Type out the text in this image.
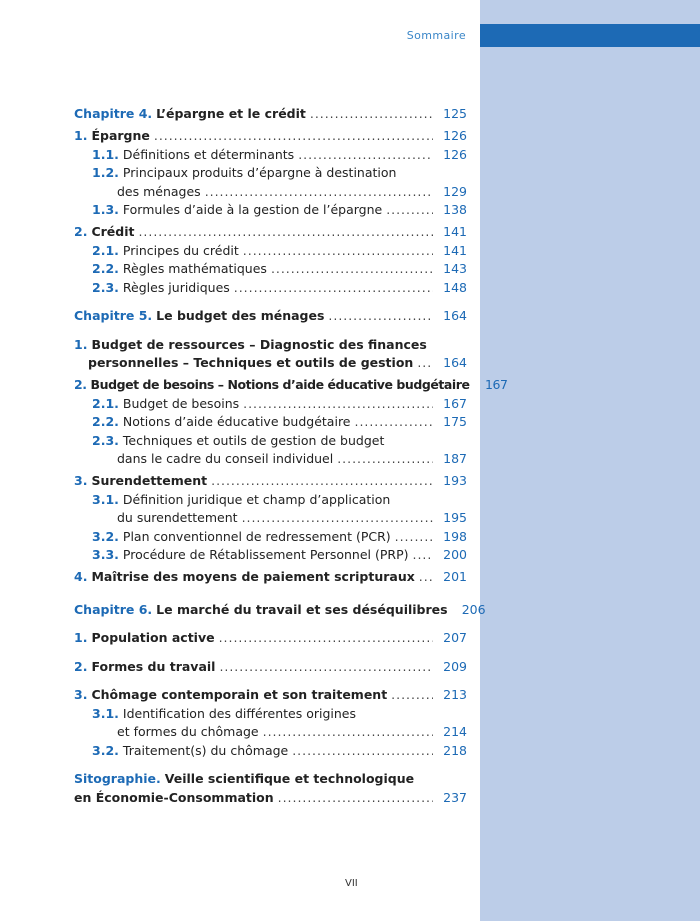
Sommaire
Chapitre 4. L’épargne et le crédit . . .	125
1. Épargne . . .	126
1.1. Définitions et déterminants . . .	126
1.2. Principaux produits d’épargne à destination
des ménages . . .	129
1.3. Formules d’aide à la gestion de l’épargne . . .	138
2. Crédit . . .	141
2.1. Principes du crédit . . .	141
2.2. Règles mathématiques . . .	143
2.3. Règles juridiques . . .	148
Chapitre 5. Le budget des ménages . . .	164
1. Budget de ressources – Diagnostic des finances
personnelles – Techniques et outils de gestion . . .	164
2. Budget de besoins – Notions d’aide éducative budgétaire	167
2.1. Budget de besoins . . .	167
2.2. Notions d’aide éducative budgétaire . . .	175
2.3. Techniques et outils de gestion de budget
dans le cadre du conseil individuel . . .	187
3. Surendettement . . .	193
3.1. Définition juridique et champ d’application
du surendettement . . .	195
3.2. Plan conventionnel de redressement (PCR) . . .	198
3.3. Procédure de Rétablissement Personnel (PRP) . . .	200
4. Maîtrise des moyens de paiement scripturaux . . .	201
Chapitre 6. Le marché du travail et ses déséquilibres	206
1. Population active . . .	207
2. Formes du travail . . .	209
3. Chômage contemporain et son traitement . . .	213
3.1. Identification des différentes origines
et formes du chômage . . .	214
3.2. Traitement(s) du chômage . . .	218
Sitographie. Veille scientifique et technologique
en Économie-Consommation . . .	237
VII
